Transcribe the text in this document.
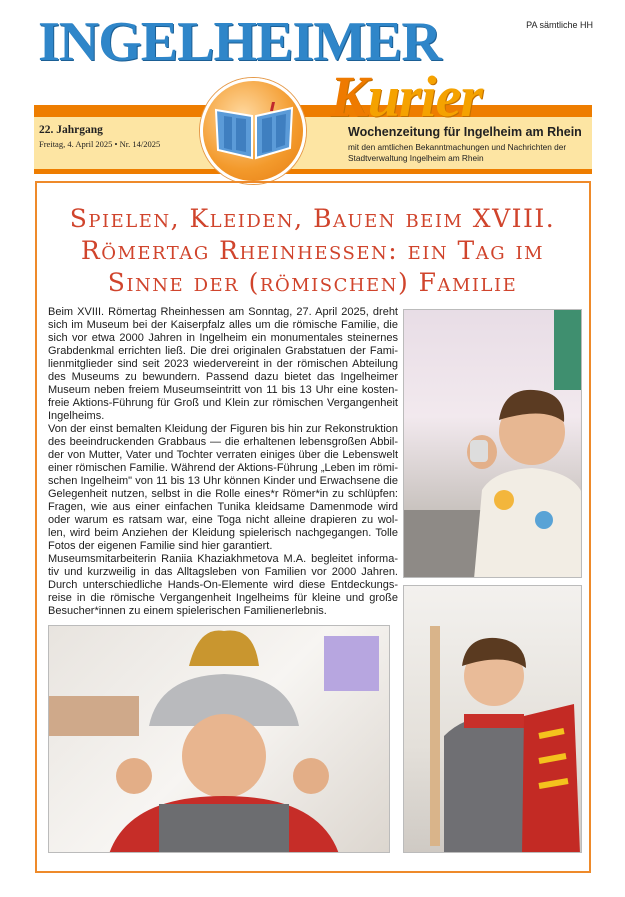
INGELHEIMER
Kurier
PA sämtliche HH
22. Jahrgang
Freitag, 4. April 2025 • Nr. 14/2025
Wochenzeitung für Ingelheim am Rhein
mit den amtlichen Bekanntmachungen und Nachrichten der Stadtverwaltung Ingelheim am Rhein
Spielen, Kleiden, Bauen beim XVIII.
Römertag Rheinhessen: ein Tag im
Sinne der (römischen) Familie
Beim XVIII. Römertag Rheinhessen am Sonntag, 27. April 2025, dreht
sich im Museum bei der Kaiserpfalz alles um die römische Familie, die
sich vor etwa 2000 Jahren in Ingelheim ein monumentales steinernes
Grabdenkmal errichten ließ. Die drei originalen Grabstatuen der Fami-
lienmitglieder sind seit 2023 wiedervereint in der römischen Abteilung
des Museums zu bewundern. Passend dazu bietet das Ingelheimer
Museum neben freiem Museumseintritt von 11 bis 13 Uhr eine kosten-
freie Aktions-Führung für Groß und Klein zur römischen Vergangenheit
Ingelheims.
Von der einst bemalten Kleidung der Figuren bis hin zur Rekonstruktion
des beeindruckenden Grabbaus — die erhaltenen lebensgroßen Abbil-
der von Mutter, Vater und Tochter verraten einiges über die Lebenswelt
einer römischen Familie. Während der Aktions-Führung „Leben im römi-
schen Ingelheim" von 11 bis 13 Uhr können Kinder und Erwachsene die
Gelegenheit nutzen, selbst in die Rolle eines*r Römer*in zu schlüpfen:
Fragen, wie aus einer einfachen Tunika kleidsame Damenmode wird
oder warum es ratsam war, eine Toga nicht alleine drapieren zu wol-
len, wird beim Anziehen der Kleidung spielerisch nachgegangen. Tolle
Fotos der eigenen Familie sind hier garantiert.
Museumsmitarbeiterin Raniia Khaziakhmetova M.A. begleitet informa-
tiv und kurzweilig in das Alltagsleben von Familien vor 2000 Jahren.
Durch unterschiedliche Hands-On-Elemente wird diese Entdeckungs-
reise in die römische Vergangenheit Ingelheims für kleine und große
Besucher*innen zu einem spielerischen Familienerlebnis.
